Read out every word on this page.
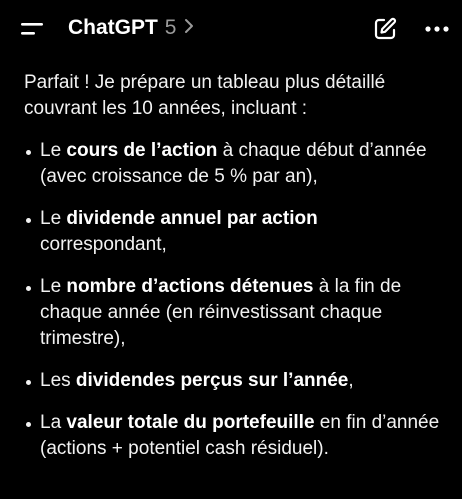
ChatGPT 5

Parfait ! Je prépare un tableau plus détaillé couvrant les 10 années, incluant :

Le cours de l’action à chaque début d’année (avec croissance de 5 % par an),
Le dividende annuel par action correspondant,
Le nombre d’actions détenues à la fin de chaque année (en réinvestissant chaque trimestre),
Les dividendes perçus sur l’année,
La valeur totale du portefeuille en fin d’année (actions + potentiel cash résiduel).
